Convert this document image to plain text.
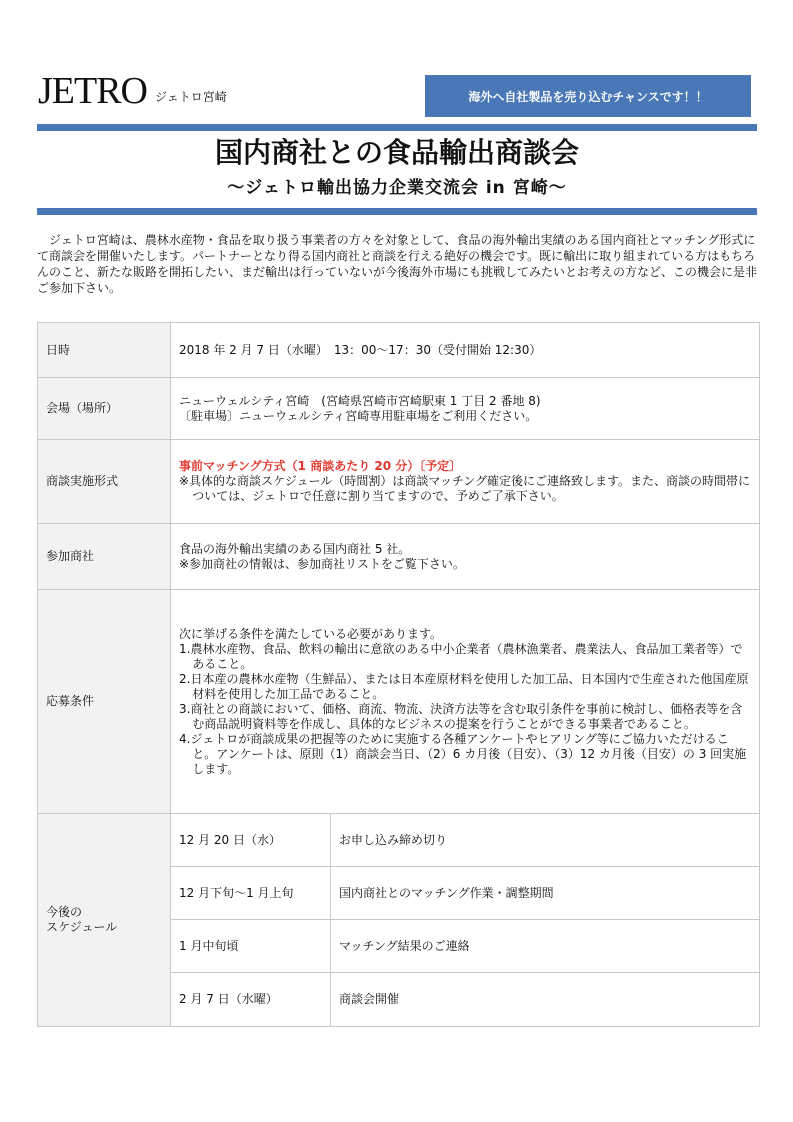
JETRO ジェトロ宮崎	海外へ自社製品を売り込むチャンスです！！
国内商社との食品輸出商談会
～ジェトロ輸出協力企業交流会 in 宮崎～
ジェトロ宮崎は、農林水産物・食品を取り扱う事業者の方々を対象として、食品の海外輸出実績のある国内商社とマッチング形式にて商談会を開催いたします。パートナーとなり得る国内商社と商談を行える絶好の機会です。既に輸出に取り組まれている方はもちろんのこと、新たな販路を開拓したい、まだ輸出は行っていないが今後海外市場にも挑戦してみたいとお考えの方など、この機会に是非ご参加下さい。
日時	2018 年 2 月 7 日（水曜）　13：00～17：30（受付開始 12:30）	
会場（場所）	ニューウェルシティ宮崎　(宮崎県宮崎市宮崎駅東 1 丁目 2 番地 8)
〔駐車場〕ニューウェルシティ宮崎専用駐車場をご利用ください。	

商談実施形式	事前マッチング方式（1 商談あたり 20 分）〔予定〕
※具体的な商談スケジュール（時間割）は商談マッチング確定後にご連絡致します。また、商談の時間帯については、ジェトロで任意に割り当てますので、予めご了承下さい。	

参加商社	食品の海外輸出実績のある国内商社 5 社。
※参加商社の情報は、参加商社リストをご覧下さい。	

応募条件	次に挙げる条件を満たしている必要があります。
1.農林水産物、食品、飲料の輸出に意欲のある中小企業者（農林漁業者、農業法人、食品加工業者等）であること。
2.日本産の農林水産物（生鮮品）、または日本産原材料を使用した加工品、日本国内で生産された他国産原材料を使用した加工品であること。
3.商社との商談において、価格、商流、物流、決済方法等を含む取引条件を事前に検討し、価格表等を含む商品説明資料等を作成し、具体的なビジネスの提案を行うことができる事業者であること。
4.ジェトロが商談成果の把握等のために実施する各種アンケートやヒアリング等にご協力いただけること。アンケートは、原則（1）商談会当日、（2）6 カ月後（目安）、（3）12 カ月後（目安）の 3 回実施します。	

今後の
スケジュール	12 月 20 日（水）	お申し込み締め切り
	12 月下旬～1 月上旬	国内商社とのマッチング作業・調整期間
	1 月中旬頃	マッチング結果のご連絡
	2 月 7 日（水曜）	商談会開催
